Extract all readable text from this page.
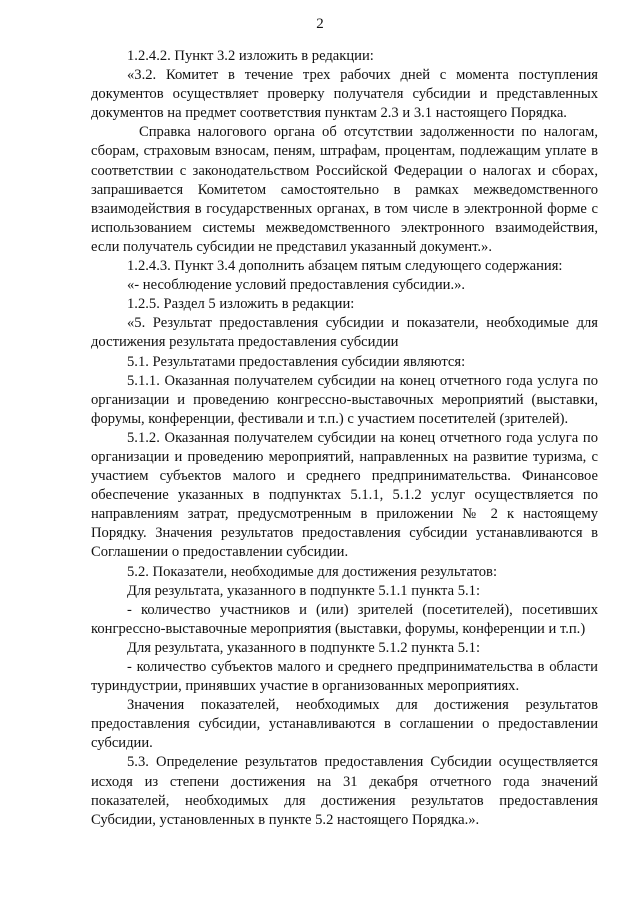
2

1.2.4.2. Пункт 3.2 изложить в редакции:

«3.2. Комитет в течение трех рабочих дней с момента поступления документов осуществляет проверку получателя субсидии и представленных документов на предмет соответствия пунктам 2.3 и 3.1 настоящего Порядка.

Справка налогового органа об отсутствии задолженности по налогам, сборам, страховым взносам, пеням, штрафам, процентам, подлежащим уплате в соответствии с законодательством Российской Федерации о налогах и сборах, запрашивается Комитетом самостоятельно в рамках межведомственного взаимодействия в государственных органах, в том числе в электронной форме с использованием системы межведомственного электронного взаимодействия, если получатель субсидии не представил указанный документ.».

1.2.4.3. Пункт 3.4 дополнить абзацем пятым следующего содержания:

«- несоблюдение условий предоставления субсидии.».

1.2.5. Раздел 5 изложить в редакции:

«5. Результат предоставления субсидии и показатели, необходимые для достижения результата предоставления субсидии

5.1. Результатами предоставления субсидии являются:

5.1.1. Оказанная получателем субсидии на конец отчетного года услуга по организации и проведению конгрессно-выставочных мероприятий (выставки, форумы, конференции, фестивали и т.п.) с участием посетителей (зрителей).

5.1.2. Оказанная получателем субсидии на конец отчетного года услуга по организации и проведению мероприятий, направленных на развитие туризма, с участием субъектов малого и среднего предпринимательства. Финансовое обеспечение указанных в подпунктах 5.1.1, 5.1.2 услуг осуществляется по направлениям затрат, предусмотренным в приложении № 2 к настоящему Порядку. Значения результатов предоставления субсидии устанавливаются в Соглашении о предоставлении субсидии.

5.2. Показатели, необходимые для достижения результатов:

Для результата, указанного в подпункте 5.1.1 пункта 5.1:

- количество участников и (или) зрителей (посетителей), посетивших конгрессно-выставочные мероприятия (выставки, форумы, конференции и т.п.)

Для результата, указанного в подпункте 5.1.2 пункта 5.1:

- количество субъектов малого и среднего предпринимательства в области туриндустрии, принявших участие в организованных мероприятиях.

Значения показателей, необходимых для достижения результатов предоставления субсидии, устанавливаются в соглашении о предоставлении субсидии.

5.3. Определение результатов предоставления Субсидии осуществляется исходя из степени достижения на 31 декабря отчетного года значений показателей, необходимых для достижения результатов предоставления Субсидии, установленных в пункте 5.2 настоящего Порядка.».
